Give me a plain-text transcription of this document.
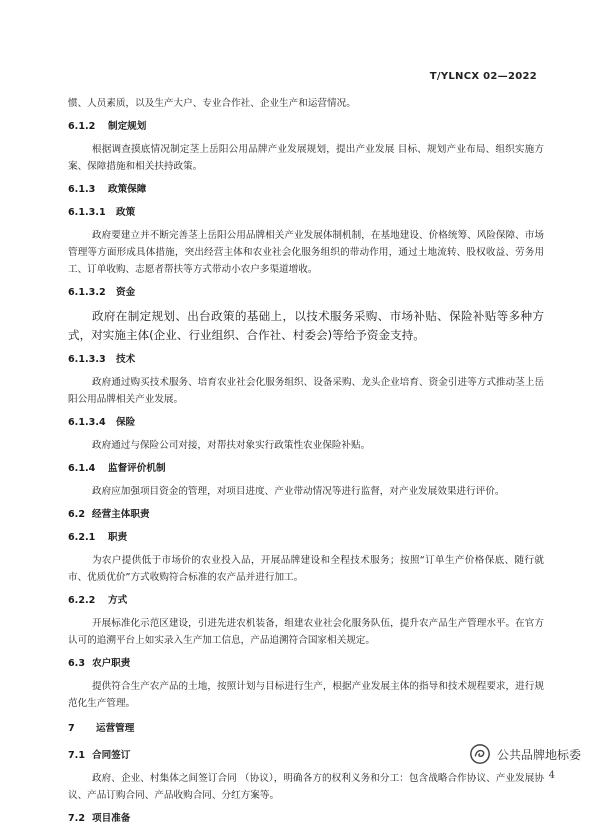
T/YLNCX 02—2022
惯、人员素质，以及生产大户、专业合作社、企业生产和运营情况。
6.1.2 制定规划
根据调查摸底情况制定茎上岳阳公用品牌产业发展规划，提出产业发展 目标、规划产业布局、组织实施方案、保障措施和相关扶持政策。
6.1.3 政策保障
6.1.3.1 政策
政府要建立并不断完善茎上岳阳公用品牌相关产业发展体制机制，在基地建设、价格统筹、风险保障、市场管理等方面形成具体措施，突出经营主体和农业社会化服务组织的带动作用，通过土地流转、股权收益、劳务用工、订单收购、志愿者帮扶等方式带动小农户多渠道增收。
6.1.3.2 资金
政府在制定规划、出台政策的基础上，以技术服务采购、市场补贴、保险补贴等多种方式，对实施主体(企业、行业组织、合作社、村委会)等给予资金支持。
6.1.3.3 技术
政府通过购买技术服务、培育农业社会化服务组织、设备采购、龙头企业培育、资金引进等方式推动茎上岳阳公用品牌相关产业发展。
6.1.3.4 保险
政府通过与保险公司对接，对帮扶对象实行政策性农业保险补贴。
6.1.4 监督评价机制
政府应加强项目资金的管理，对项目进度、产业带动情况等进行监督，对产业发展效果进行评价。
6.2 经营主体职责
6.2.1 职责
为农户提供低于市场价的农业投入品，开展品牌建设和全程技术服务；按照“订单生产价格保底、随行就市、优质优价”方式收购符合标准的农产品并进行加工。
6.2.2 方式
开展标准化示范区建设，引进先进农机装备，组建农业社会化服务队伍，提升农产品生产管理水平。在官方认可的追溯平台上如实录入生产加工信息，产品追溯符合国家相关规定。
6.3 农户职责
提供符合生产农产品的土地，按照计划与目标进行生产，根据产业发展主体的指导和技术规程要求，进行规范化生产管理。
7 运营管理
7.1 合同签订
政府、企业、村集体之间签订合同 （协议），明确各方的权利义务和分工：包含战略合作协议、产业发展协议、产品订购合同、产品收购合同、分红方案等。
7.2 项目准备
公共品牌地标委
4
